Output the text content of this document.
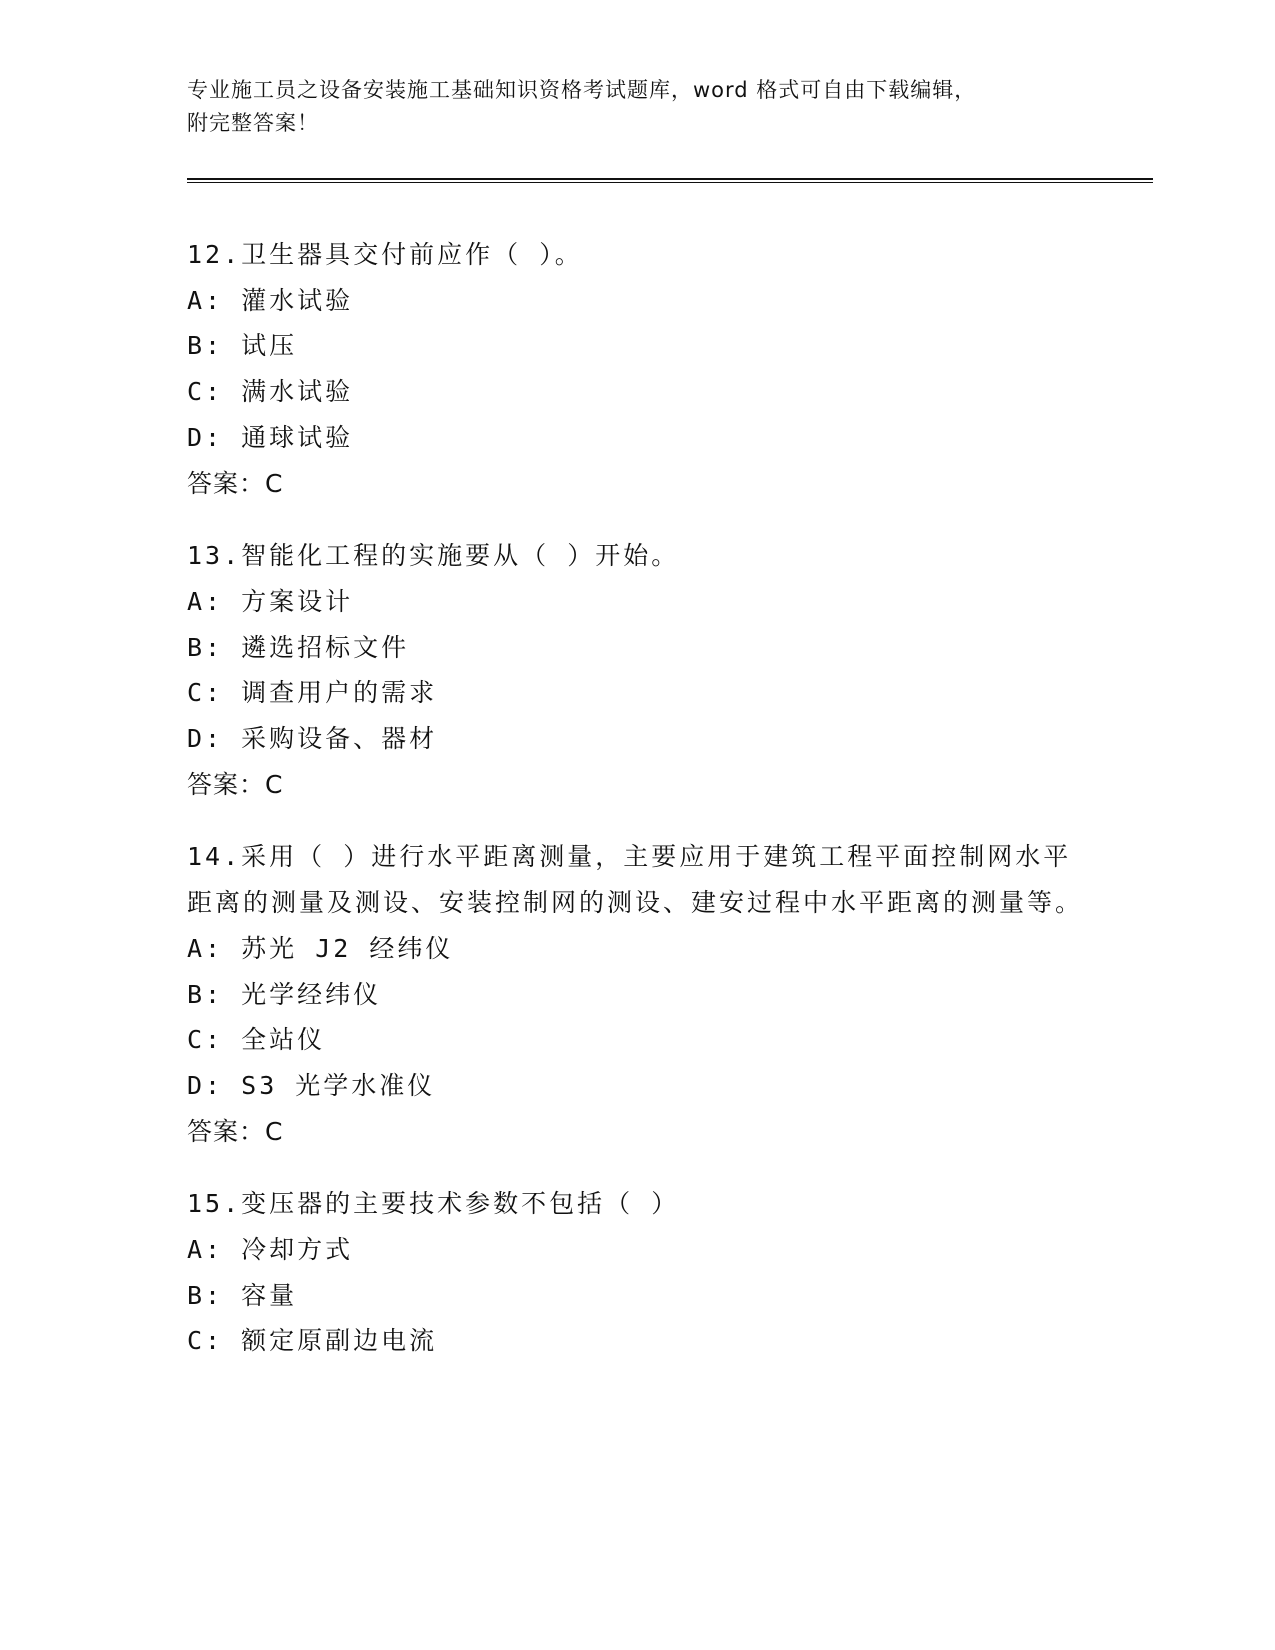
专业施工员之设备安装施工基础知识资格考试题库，word 格式可自由下载编辑，
附完整答案！
12.卫生器具交付前应作（ ）。
A: 灌水试验
B: 试压
C: 满水试验
D: 通球试验
答案：C
13.智能化工程的实施要从（ ）开始。
A: 方案设计
B: 遴选招标文件
C: 调查用户的需求
D: 采购设备、器材
答案：C
14.采用（ ）进行水平距离测量，主要应用于建筑工程平面控制网水平距离的测量及测设、安装控制网的测设、建安过程中水平距离的测量等。
A: 苏光 J2 经纬仪
B: 光学经纬仪
C: 全站仪
D: S3 光学水准仪
答案：C
15.变压器的主要技术参数不包括（ ）
A: 冷却方式
B: 容量
C: 额定原副边电流
